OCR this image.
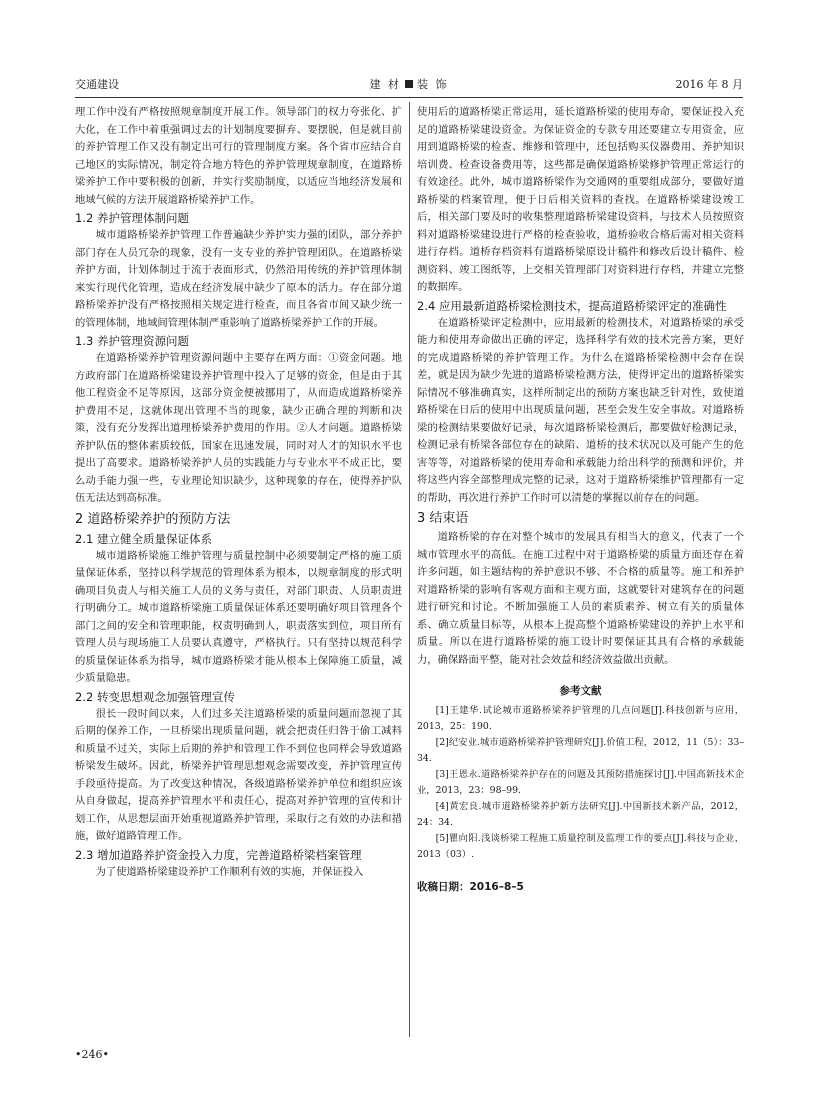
交通建设	建 材 装 饰	2016 年 8 月

理工作中没有严格按照规章制度开展工作。领导部门的权力夸张化、扩大化，在工作中着重强调过去的计划制度要摒弃、要摆脱，但是就目前的养护管理工作又没有制定出可行的管理制度方案。各个省市应结合自己地区的实际情况，制定符合地方特色的养护管理规章制度，在道路桥梁养护工作中要积极的创新，并实行奖励制度，以适应当地经济发展和地域气候的方法开展道路桥梁养护工作。

1.2 养护管理体制问题

城市道路桥梁养护管理工作普遍缺少养护实力强的团队，部分养护部门存在人员冗杂的现象，没有一支专业的养护管理团队。在道路桥梁养护方面，计划体制过于流于表面形式，仍然沿用传统的养护管理体制来实行现代化管理，造成在经济发展中缺少了原本的活力。存在部分道路桥梁养护没有严格按照相关规定进行检查，而且各省市间又缺少统一的管理体制，地域间管理体制严重影响了道路桥梁养护工作的开展。

1.3 养护管理资源问题

在道路桥梁养护管理资源问题中主要存在两方面：①资金问题。地方政府部门在道路桥梁建设养护管理中投入了足够的资金，但是由于其他工程资金不足等原因，这部分资金便被挪用了，从而造成道路桥梁养护费用不足，这就体现出管理不当的现象，缺少正确合理的判断和决策，没有充分发挥出道理桥梁养护费用的作用。②人才问题。道路桥梁养护队伍的整体素质较低，国家在迅速发展，同时对人才的知识水平也提出了高要求。道路桥梁养护人员的实践能力与专业水平不成正比，要么动手能力强一些，专业理论知识缺少，这种现象的存在，使得养护队伍无法达到高标准。

2 道路桥梁养护的预防方法
2.1 建立健全质量保证体系

城市道路桥梁施工维护管理与质量控制中必须要制定严格的施工质量保证体系，坚持以科学规范的管理体系为根本，以规章制度的形式明确项目负责人与相关施工人员的义务与责任，对部门职责、人员职责进行明确分工。城市道路桥梁施工质量保证体系还要明确好项目管理各个部门之间的安全和管理职能，权责明确到人，职责落实到位，项目所有管理人员与现场施工人员要认真遵守，严格执行。只有坚持以规范科学的质量保证体系为指导，城市道路桥梁才能从根本上保障施工质量，减少质量隐患。

2.2 转变思想观念加强管理宣传

很长一段时间以来，人们过多关注道路桥梁的质量问题而忽视了其后期的保养工作，一旦桥梁出现质量问题，就会把责任归咎于偷工减料和质量不过关，实际上后期的养护和管理工作不到位也同样会导致道路桥梁发生破坏。因此，桥梁养护管理思想观念需要改变，养护管理宣传手段亟待提高。为了改变这种情况，各级道路桥梁养护单位和组织应该从自身做起，提高养护管理水平和责任心，提高对养护管理的宣传和计划工作，从思想层面开始重视道路养护管理，采取行之有效的办法和措施，做好道路管理工作。

2.3 增加道路养护资金投入力度，完善道路桥梁档案管理

为了使道路桥梁建设养护工作顺利有效的实施，并保证投入

使用后的道路桥梁正常运用，延长道路桥梁的使用寿命，要保证投入充足的道路桥梁建设资金。为保证资金的专款专用还要建立专用资金，应用到道路桥梁的检查、维修和管理中，还包括购买仪器费用、养护知识培训费、检查设备费用等，这些都是确保道路桥梁修护管理正常运行的有效途径。此外，城市道路桥梁作为交通网的重要组成部分，要做好道路桥梁的档案管理，便于日后相关资料的查找。在道路桥梁建设竣工后，相关部门要及时的收集整理道路桥梁建设资料，与技术人员按照资料对道路桥梁建设进行严格的检查验收，道桥验收合格后需对相关资料进行存档。道桥存档资料有道路桥梁原设计稿件和修改后设计稿件、检测资料、竣工图纸等，上交相关管理部门对资料进行存档，并建立完整的数据库。

2.4 应用最新道路桥梁检测技术，提高道路桥梁评定的准确性

在道路桥梁评定检测中，应用最新的检测技术，对道路桥梁的承受能力和使用寿命做出正确的评定，选择科学有效的技术完善方案，更好的完成道路桥梁的养护管理工作。为什么在道路桥梁检测中会存在误差，就是因为缺少先进的道路桥梁检测方法，使得评定出的道路桥梁实际情况不够准确真实，这样所制定出的预防方案也缺乏针对性，致使道路桥梁在日后的使用中出现质量问题，甚至会发生安全事故。对道路桥梁的检测结果要做好记录，每次道路桥梁检测后，都要做好检测记录，检测记录有桥梁各部位存在的缺陷、道桥的技术状况以及可能产生的危害等等，对道路桥梁的使用寿命和承载能力给出科学的预测和评价，并将这些内容全部整理成完整的记录，这对于道路桥梁维护管理都有一定的帮助，再次进行养护工作时可以清楚的掌握以前存在的问题。

3 结束语

道路桥梁的存在对整个城市的发展具有相当大的意义，代表了一个城市管理水平的高低。在施工过程中对于道路桥梁的质量方面还存在着许多问题，如主题结构的养护意识不够、不合格的质量等。施工和养护对道路桥梁的影响有客观方面和主观方面，这就要针对建筑存在的问题进行研究和讨论。不断加强施工人员的素质素养、树立有关的质量体系、确立质量目标等，从根本上提高整个道路桥梁建设的养护上水平和质量。所以在进行道路桥梁的施工设计时要保证其具有合格的承载能力，确保路面平整，能对社会效益和经济效益做出贡献。

参考文献

[1]王建华.试论城市道路桥梁养护管理的几点问题[J].科技创新与应用，2013，25：190.

[2]纪安业.城市道路桥梁养护管理研究[J].价值工程，2012，11（5）：33–34.

[3]王恩永.道路桥梁养护存在的问题及其预防措施探讨[J].中国高新技术企业，2013，23：98–99.

[4]黄宏良.城市道路桥梁养护新方法研究[J].中国新技术新产品，2012，24：34.

[5]瞿向阳.浅谈桥梁工程施工质量控制及监理工作的要点[J].科技与企业，2013（03）.

收稿日期：2016–8–5
•246•
